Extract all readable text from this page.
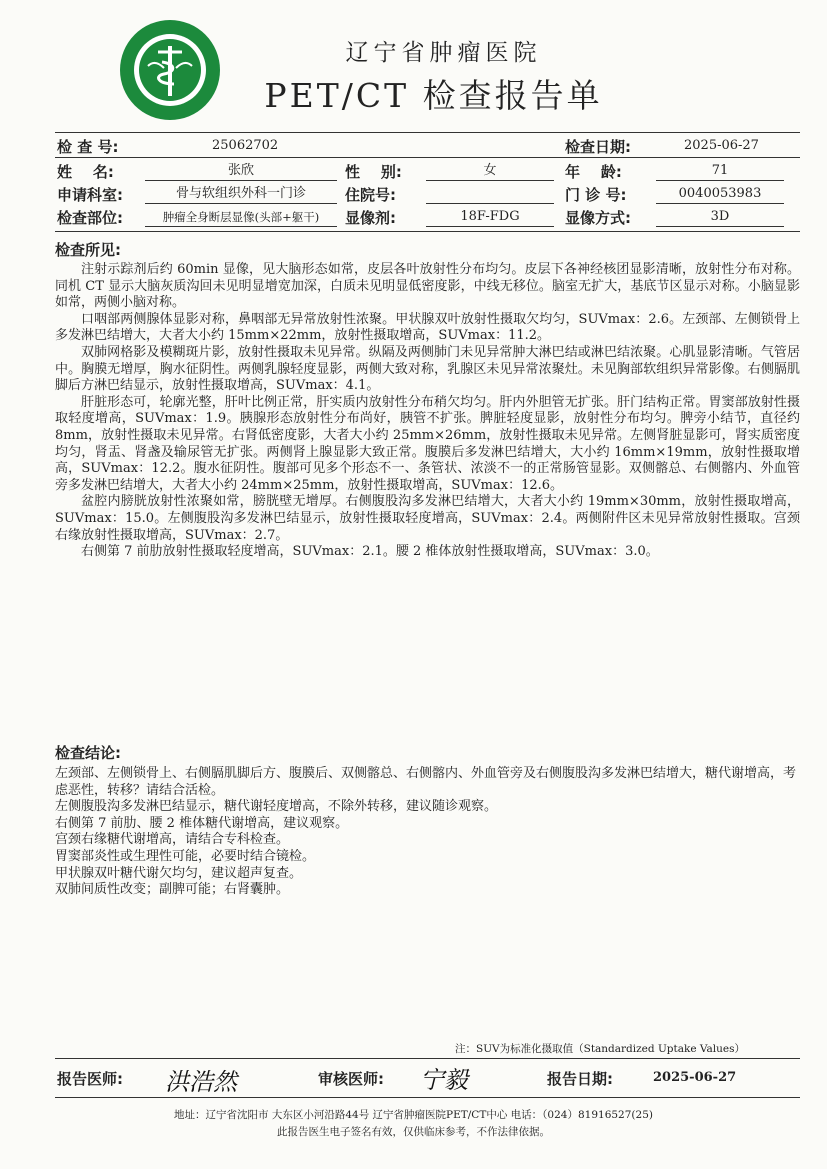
辽宁省肿瘤医院
PET/CT 检查报告单
检 查 号:	25062702	检查日期:	2025-06-27
姓    名:	张欣	性    别:	女	年    龄:	71
申请科室:	骨与软组织外科一门诊	住院号:	门 诊 号:	0040053983
检查部位:	肿瘤全身断层显像(头部+躯干)	显像剂:	18F-FDG	显像方式:	3D
检查所见:

注射示踪剂后约 60min 显像，见大脑形态如常，皮层各叶放射性分布均匀。皮层下各神经核团显影清晰，放射性分布对称。同机 CT 显示大脑灰质沟回未见明显增宽加深，白质未见明显低密度影，中线无移位。脑室无扩大，基底节区显示对称。小脑显影如常，两侧小脑对称。

口咽部两侧腺体显影对称，鼻咽部无异常放射性浓聚。甲状腺双叶放射性摄取欠均匀，SUVmax：2.6。左颈部、左侧锁骨上多发淋巴结增大，大者大小约 15mm×22mm，放射性摄取增高，SUVmax：11.2。

双肺网格影及模糊斑片影，放射性摄取未见异常。纵隔及两侧肺门未见异常肿大淋巴结或淋巴结浓聚。心肌显影清晰。气管居中。胸膜无增厚，胸水征阴性。两侧乳腺轻度显影，两侧大致对称，乳腺区未见异常浓聚灶。未见胸部软组织异常影像。右侧膈肌脚后方淋巴结显示，放射性摄取增高，SUVmax：4.1。

肝脏形态可，轮廓光整，肝叶比例正常，肝实质内放射性分布稍欠均匀。肝内外胆管无扩张。肝门结构正常。胃窦部放射性摄取轻度增高，SUVmax：1.9。胰腺形态放射性分布尚好，胰管不扩张。脾脏轻度显影，放射性分布均匀。脾旁小结节，直径约 8mm，放射性摄取未见异常。右肾低密度影，大者大小约 25mm×26mm，放射性摄取未见异常。左侧肾脏显影可，肾实质密度均匀，肾盂、肾盏及输尿管无扩张。两侧肾上腺显影大致正常。腹膜后多发淋巴结增大，大小约 16mm×19mm，放射性摄取增高，SUVmax：12.2。腹水征阴性。腹部可见多个形态不一、条管状、浓淡不一的正常肠管显影。双侧髂总、右侧髂内、外血管旁多发淋巴结增大，大者大小约 24mm×25mm，放射性摄取增高，SUVmax：12.6。

盆腔内膀胱放射性浓聚如常，膀胱壁无增厚。右侧腹股沟多发淋巴结增大，大者大小约 19mm×30mm，放射性摄取增高，SUVmax：15.0。左侧腹股沟多发淋巴结显示，放射性摄取轻度增高，SUVmax：2.4。两侧附件区未见异常放射性摄取。宫颈右缘放射性摄取增高，SUVmax：2.7。

右侧第 7 前肋放射性摄取轻度增高，SUVmax：2.1。腰 2 椎体放射性摄取增高，SUVmax：3.0。

检查结论:

左颈部、左侧锁骨上、右侧膈肌脚后方、腹膜后、双侧髂总、右侧髂内、外血管旁及右侧腹股沟多发淋巴结增大，糖代谢增高，考虑恶性，转移？请结合活检。

左侧腹股沟多发淋巴结显示，糖代谢轻度增高，不除外转移，建议随诊观察。

右侧第 7 前肋、腰 2 椎体糖代谢增高，建议观察。

宫颈右缘糖代谢增高，请结合专科检查。

胃窦部炎性或生理性可能，必要时结合镜检。

甲状腺双叶糖代谢欠均匀，建议超声复查。

双肺间质性改变；副脾可能；右肾囊肿。

注：SUV为标准化摄取值（Standardized Uptake Values）
报告医师: 洪浩然	审核医师: 宁毅	报告日期:	2025-06-27
地址：辽宁省沈阳市 大东区小河沿路44号 辽宁省肿瘤医院PET/CT中心 电话：（024）81916527(25)
此报告医生电子签名有效，仅供临床参考，不作法律依据。
